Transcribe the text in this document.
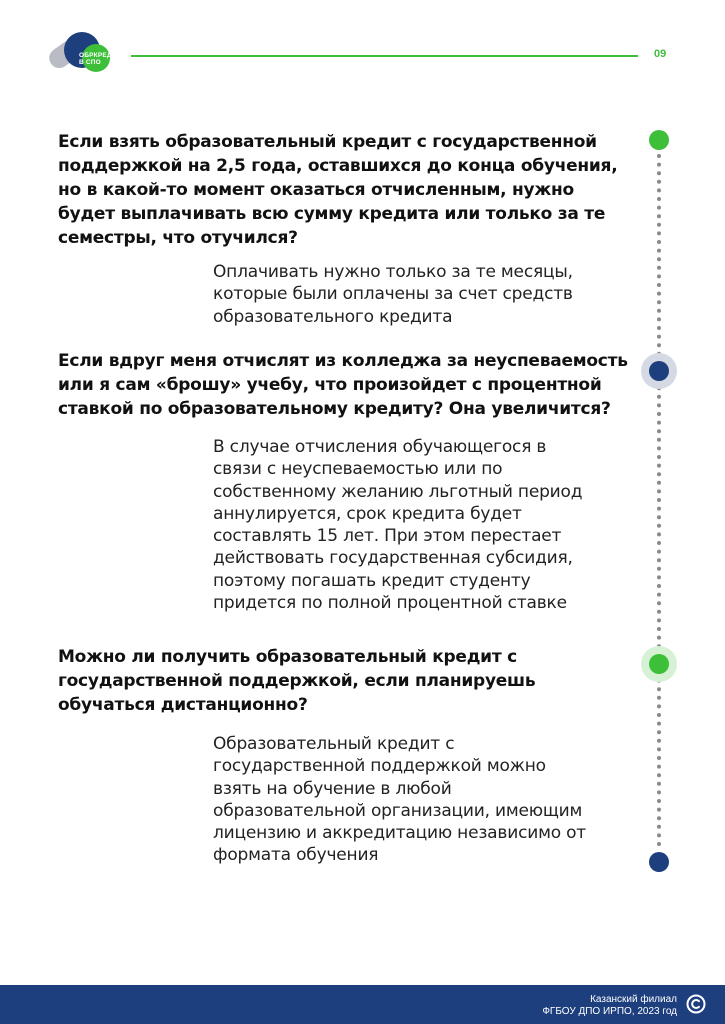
ОБРКРЕДИТ
В СПО
09
Если взять образовательный кредит с государственной
поддержкой на 2,5 года, оставшихся до конца обучения,
но в какой-то момент оказаться отчисленным, нужно
будет выплачивать всю сумму кредита или только за те
семестры, что отучился?
Оплачивать нужно только за те месяцы,
которые были оплачены за счет средств
образовательного кредита
Если вдруг меня отчислят из колледжа за неуспеваемость
или я сам «брошу» учебу, что произойдет с процентной
ставкой по образовательному кредиту? Она увеличится?
В случае отчисления обучающегося в
связи с неуспеваемостью или по
собственному желанию льготный период
аннулируется, срок кредита будет
составлять 15 лет. При этом перестает
действовать государственная субсидия,
поэтому погашать кредит студенту
придется по полной процентной ставке
Можно ли получить образовательный кредит с
государственной поддержкой, если планируешь
обучаться дистанционно?
Образовательный кредит с
государственной поддержкой можно
взять на обучение в любой
образовательной организации, имеющим
лицензию и аккредитацию независимо от
формата обучения
Казанский филиал
ФГБОУ ДПО ИРПО, 2023 год
